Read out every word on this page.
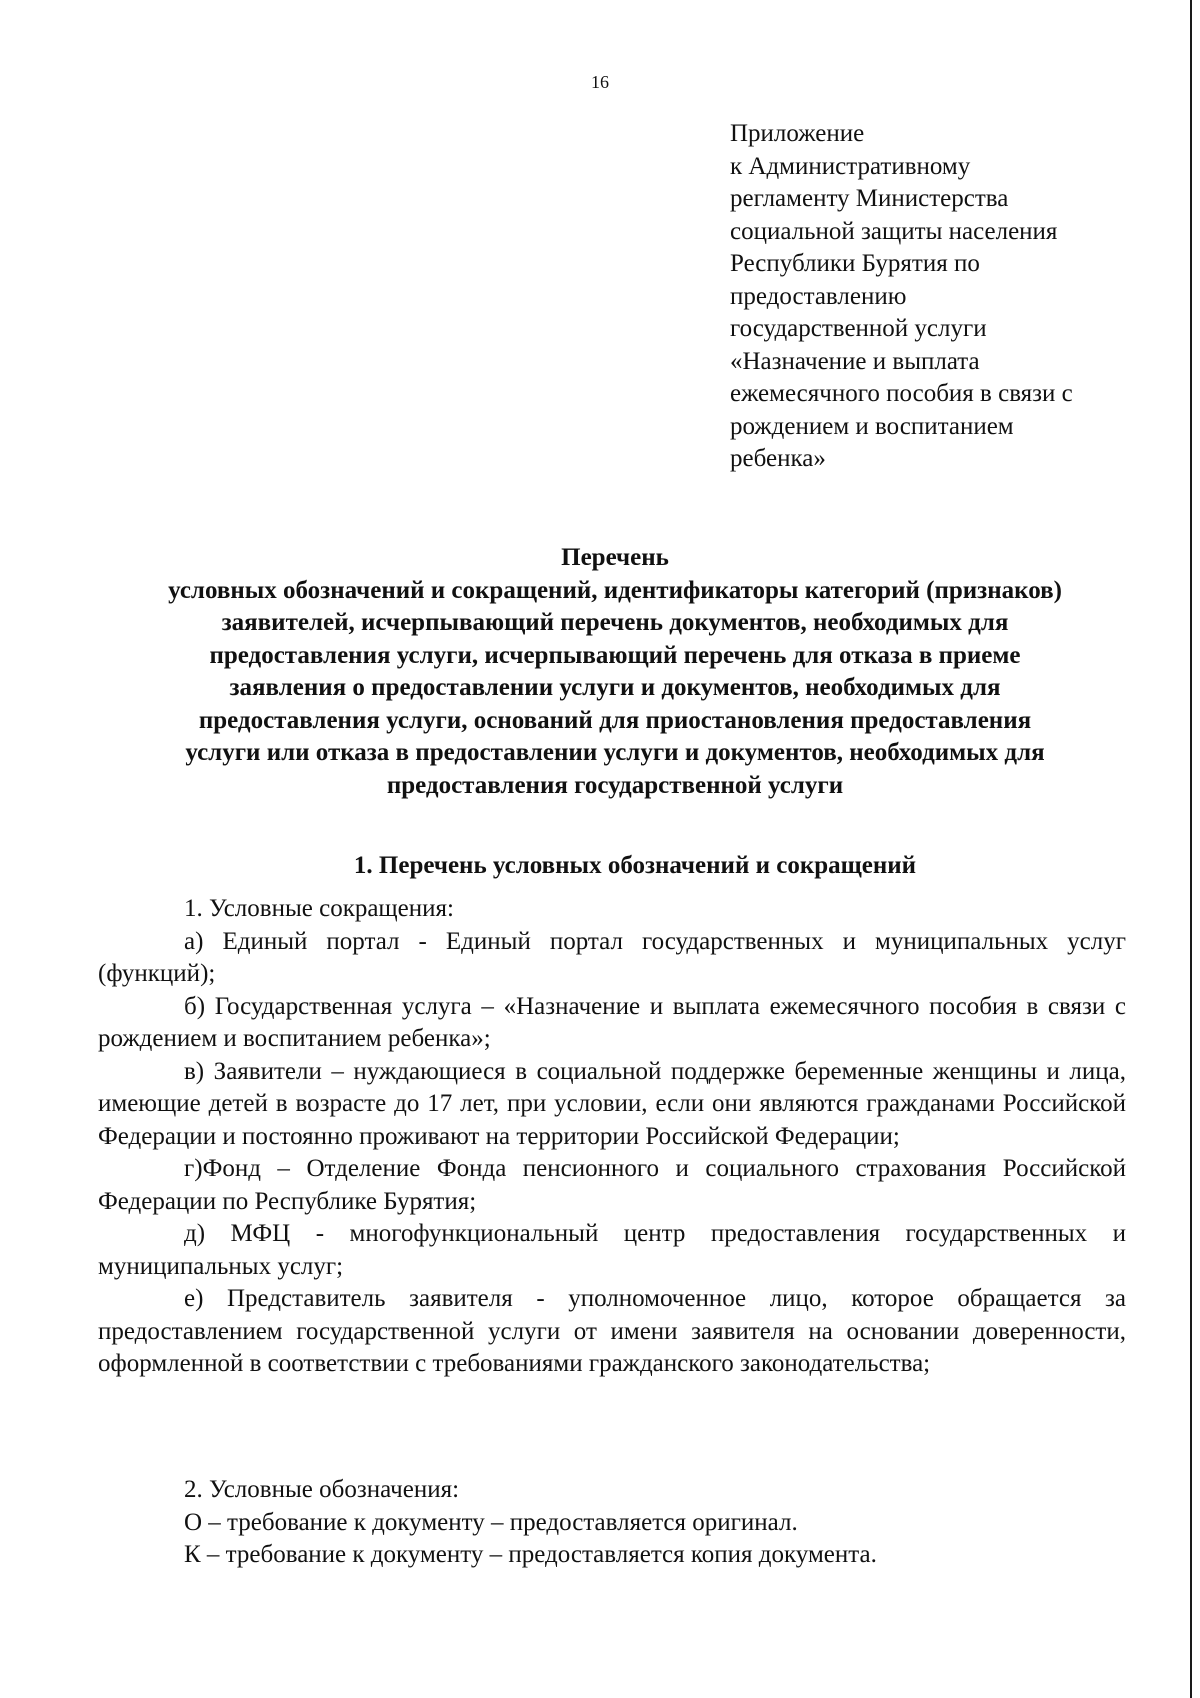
16
Приложение
к Административному
регламенту Министерства
социальной защиты населения
Республики Бурятия по
предоставлению
государственной услуги
«Назначение и выплата
ежемесячного пособия в связи с
рождением и воспитанием
ребенка»
Перечень
условных обозначений и сокращений, идентификаторы категорий (признаков)
заявителей, исчерпывающий перечень документов, необходимых для
предоставления услуги, исчерпывающий перечень для отказа в приеме
заявления о предоставлении услуги и документов, необходимых для
предоставления услуги, оснований для приостановления предоставления
услуги или отказа в предоставлении услуги и документов, необходимых для
предоставления государственной услуги
1. Перечень условных обозначений и сокращений

1. Условные сокращения:

а) Единый портал - Единый портал государственных и муниципальных услуг (функций);

б) Государственная услуга – «Назначение и выплата ежемесячного пособия в связи с рождением и воспитанием ребенка»;

в) Заявители – нуждающиеся в социальной поддержке беременные женщины и лица, имеющие детей в возрасте до 17 лет, при условии, если они являются гражданами Российской Федерации и постоянно проживают на территории Российской Федерации;

г)Фонд – Отделение Фонда пенсионного и социального страхования Российской Федерации по Республике Бурятия;

д) МФЦ - многофункциональный центр предоставления государственных и муниципальных услуг;

е) Представитель заявителя - уполномоченное лицо, которое обращается за предоставлением государственной услуги от имени заявителя на основании доверенности, оформленной в соответствии с требованиями гражданского законодательства;

2. Условные обозначения:

О – требование к документу – предоставляется оригинал.

К – требование к документу – предоставляется копия документа.
